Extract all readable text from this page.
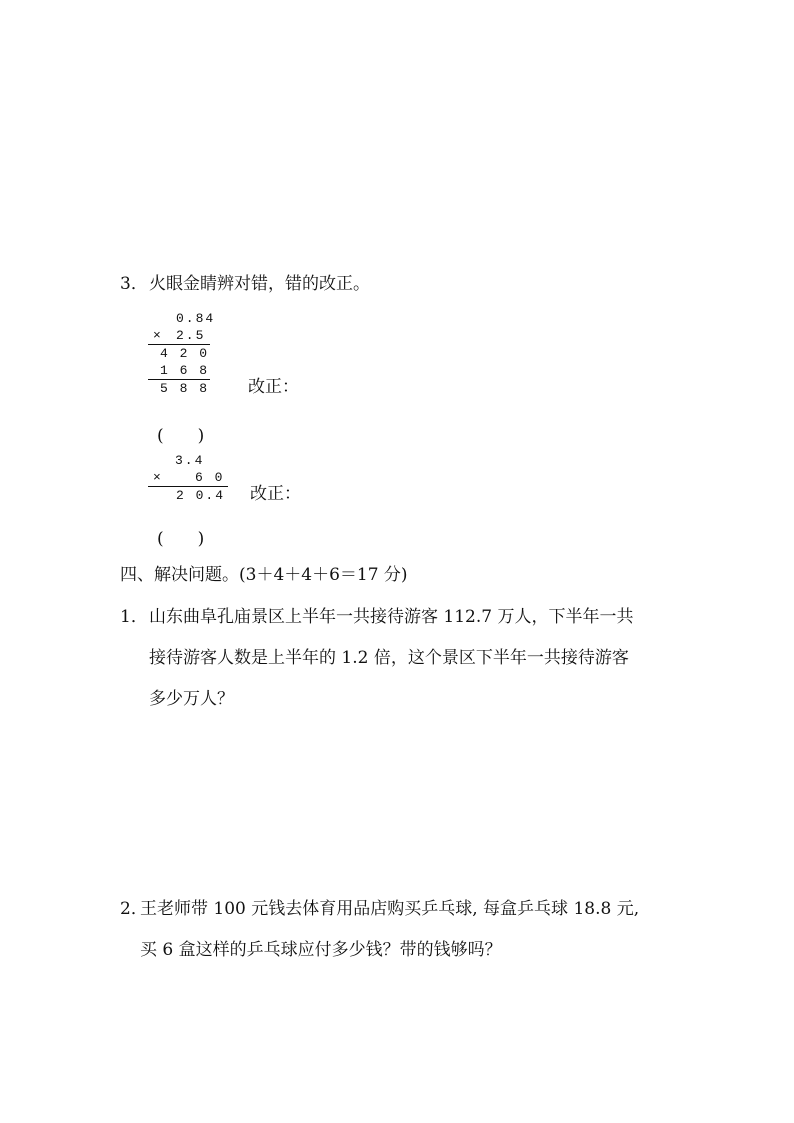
3． 火眼金睛辨对错，错的改正。
0.84
× 2.5
4 2 0
1 6 8
5 8 8 改正：
(　　)
3.4
× 6 0
2 0.4 改正：
(　　)
四、解决问题。(3＋4＋4＋6＝17 分)
1． 山东曲阜孔庙景区上半年一共接待游客 112.7 万人，下半年一共
接待游客人数是上半年的 1.2 倍，这个景区下半年一共接待游客
多少万人？
2．
王老师带 100 元钱去体育用品店购买乒乓球, 每盒乒乓球 18.8 元,
买 6 盒这样的乒乓球应付多少钱？带的钱够吗？
